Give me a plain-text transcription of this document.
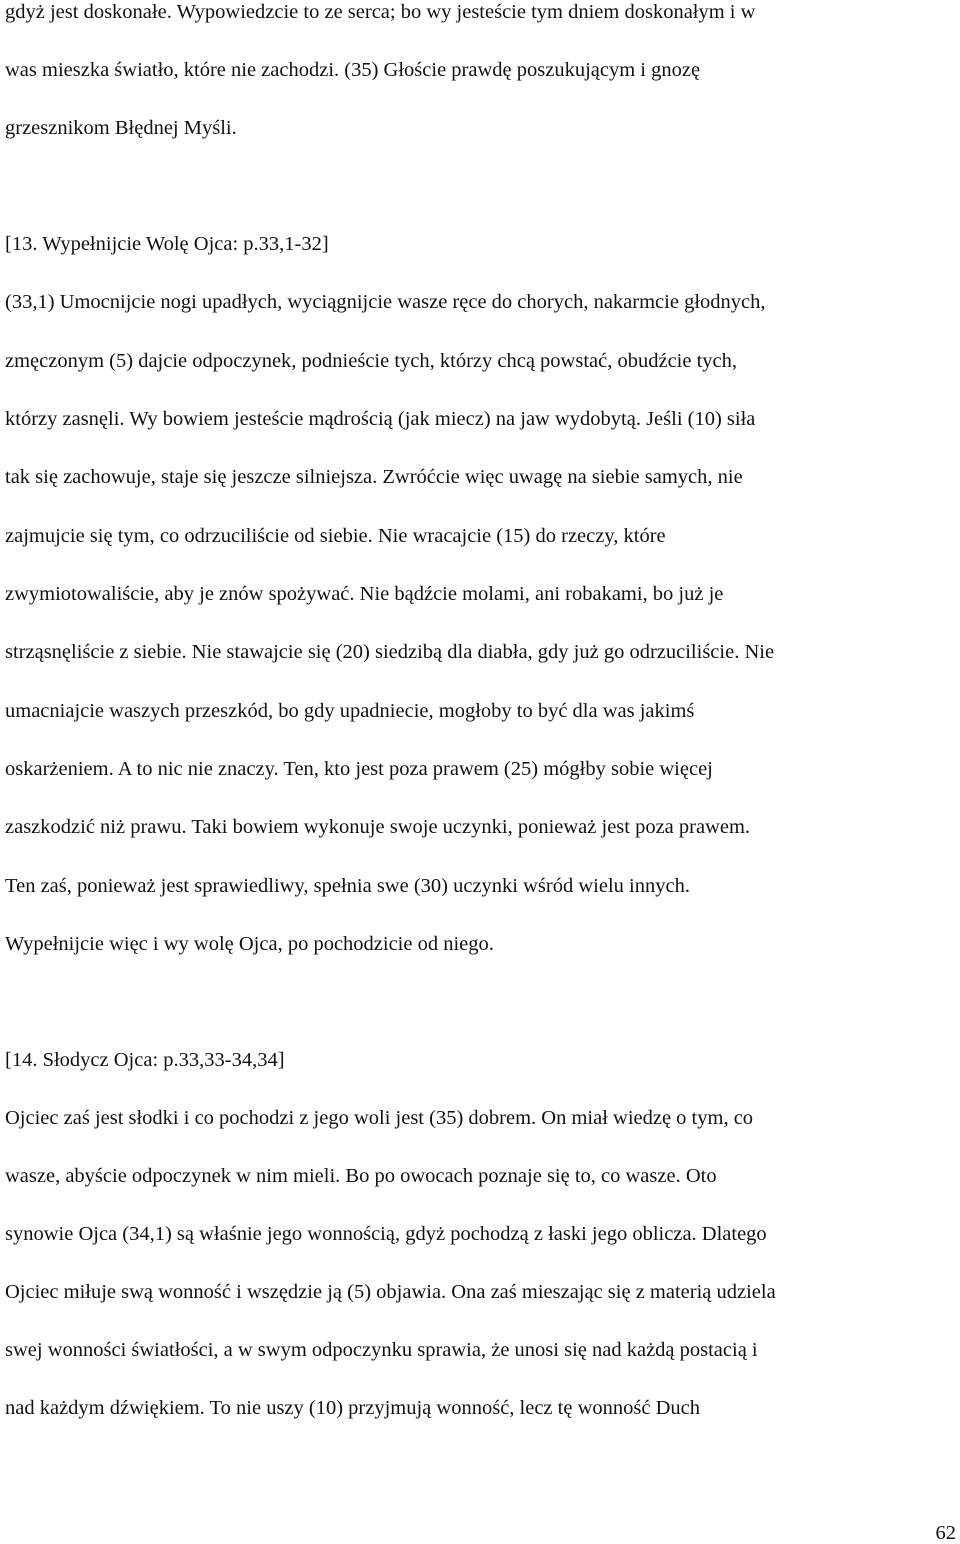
gdyż jest doskonałe. Wypowiedzcie to ze serca; bo wy jesteście tym dniem doskonałym i w
was mieszka światło, które nie zachodzi. (35) Głoście prawdę poszukującym i gnozę
grzesznikom Błędnej Myśli.
[13. Wypełnijcie Wolę Ojca: p.33,1-32]
(33,1) Umocnijcie nogi upadłych, wyciągnijcie wasze ręce do chorych, nakarmcie głodnych,
zmęczonym (5) dajcie odpoczynek, podnieście tych, którzy chcą powstać, obudźcie tych,
którzy zasnęli. Wy bowiem jesteście mądrością (jak miecz) na jaw wydobytą. Jeśli (10) siła
tak się zachowuje, staje się jeszcze silniejsza. Zwróćcie więc uwagę na siebie samych, nie
zajmujcie się tym, co odrzuciliście od siebie. Nie wracajcie (15) do rzeczy, które
zwymiotowaliście, aby je znów spożywać. Nie bądźcie molami, ani robakami, bo już je
strząsnęliście z siebie. Nie stawajcie się (20) siedzibą dla diabła, gdy już go odrzuciliście. Nie
umacniajcie waszych przeszkód, bo gdy upadniecie, mogłoby to być dla was jakimś
oskarżeniem. A to nic nie znaczy. Ten, kto jest poza prawem (25) mógłby sobie więcej
zaszkodzić niż prawu. Taki bowiem wykonuje swoje uczynki, ponieważ jest poza prawem.
Ten zaś, ponieważ jest sprawiedliwy, spełnia swe (30) uczynki wśród wielu innych.
Wypełnijcie więc i wy wolę Ojca, po pochodzicie od niego.
[14. Słodycz Ojca: p.33,33-34,34]
Ojciec zaś jest słodki i co pochodzi z jego woli jest (35) dobrem. On miał wiedzę o tym, co
wasze, abyście odpoczynek w nim mieli. Bo po owocach poznaje się to, co wasze. Oto
synowie Ojca (34,1) są właśnie jego wonnością, gdyż pochodzą z łaski jego oblicza. Dlatego
Ojciec miłuje swą wonność i wszędzie ją (5) objawia. Ona zaś mieszając się z materią udziela
swej wonności światłości, a w swym odpoczynku sprawia, że unosi się nad każdą postacią i
nad każdym dźwiękiem. To nie uszy (10) przyjmują wonność, lecz tę wonność Duch
62
